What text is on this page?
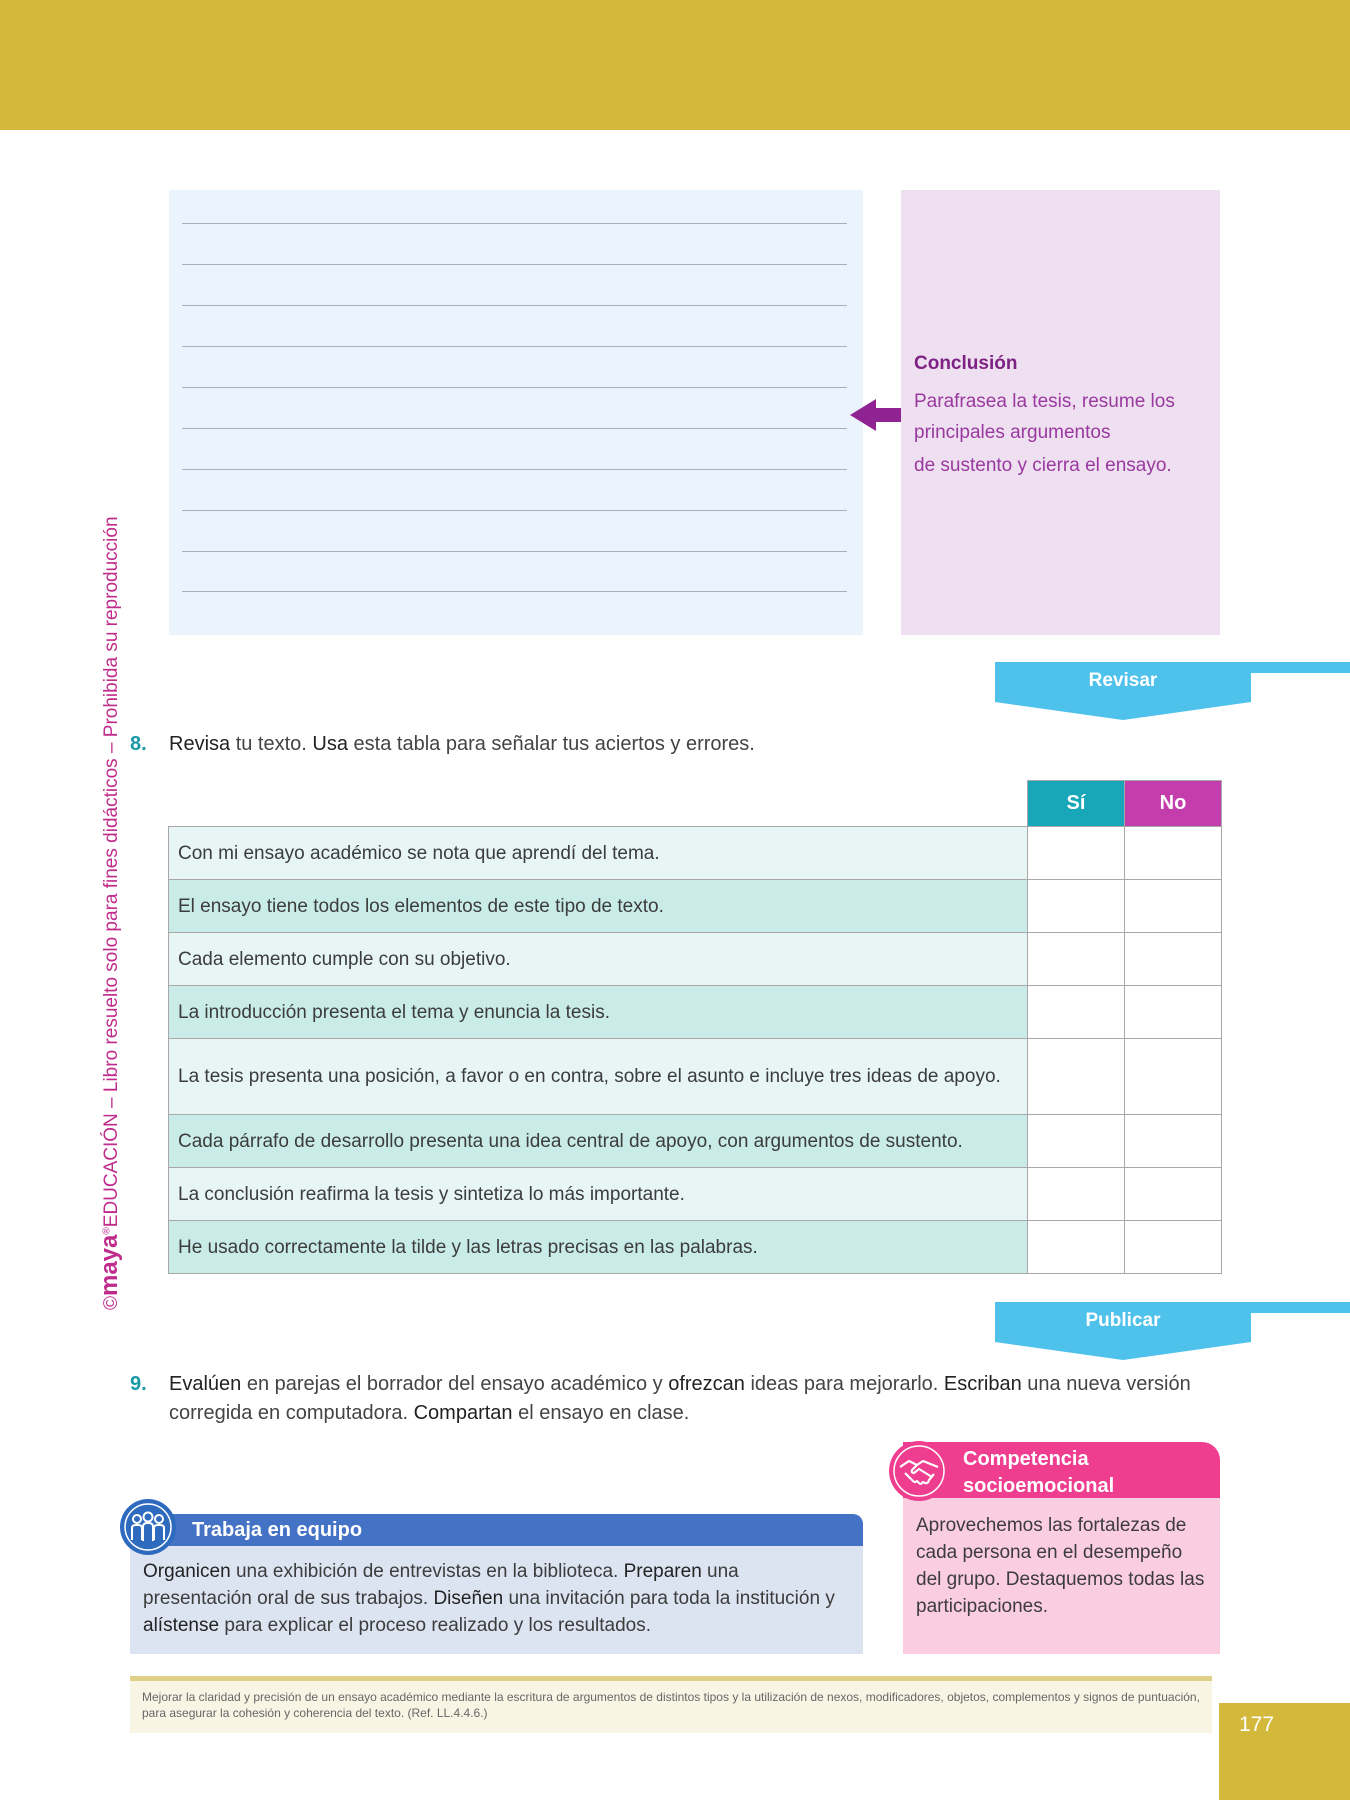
©maya®EDUCACIÓN – Libro resuelto solo para fines didácticos – Prohibida su reproducción
Conclusión
Parafrasea la tesis, resume los principales argumentos
de sustento y cierra el ensayo.
Revisar
8. Revisa tu texto. Usa esta tabla para señalar tus aciertos y errores.
	Sí	No
Con mi ensayo académico se nota que aprendí del tema.		
El ensayo tiene todos los elementos de este tipo de texto.		
Cada elemento cumple con su objetivo.		
La introducción presenta el tema y enuncia la tesis.		
La tesis presenta una posición, a favor o en contra, sobre el asunto e incluye tres ideas de apoyo.		
Cada párrafo de desarrollo presenta una idea central de apoyo, con argumentos de sustento.		
La conclusión reafirma la tesis y sintetiza lo más importante.		
He usado correctamente la tilde y las letras precisas en las palabras.		
Publicar
9. Evalúen en parejas el borrador del ensayo académico y ofrezcan ideas para mejorarlo. Escriban una nueva versión corregida en computadora. Compartan el ensayo en clase.
Trabaja en equipo
Organicen una exhibición de entrevistas en la biblioteca. Preparen una presentación oral de sus trabajos. Diseñen una invitación para toda la institución y alístense para explicar el proceso realizado y los resultados.
Competencia socioemocional
Aprovechemos las fortalezas de cada persona en el desempeño del grupo. Destaquemos todas las participaciones.
Mejorar la claridad y precisión de un ensayo académico mediante la escritura de argumentos de distintos tipos y la utilización de nexos, modificadores, objetos, complementos y signos de puntuación, para asegurar la cohesión y coherencia del texto. (Ref. LL.4.4.6.)	177
